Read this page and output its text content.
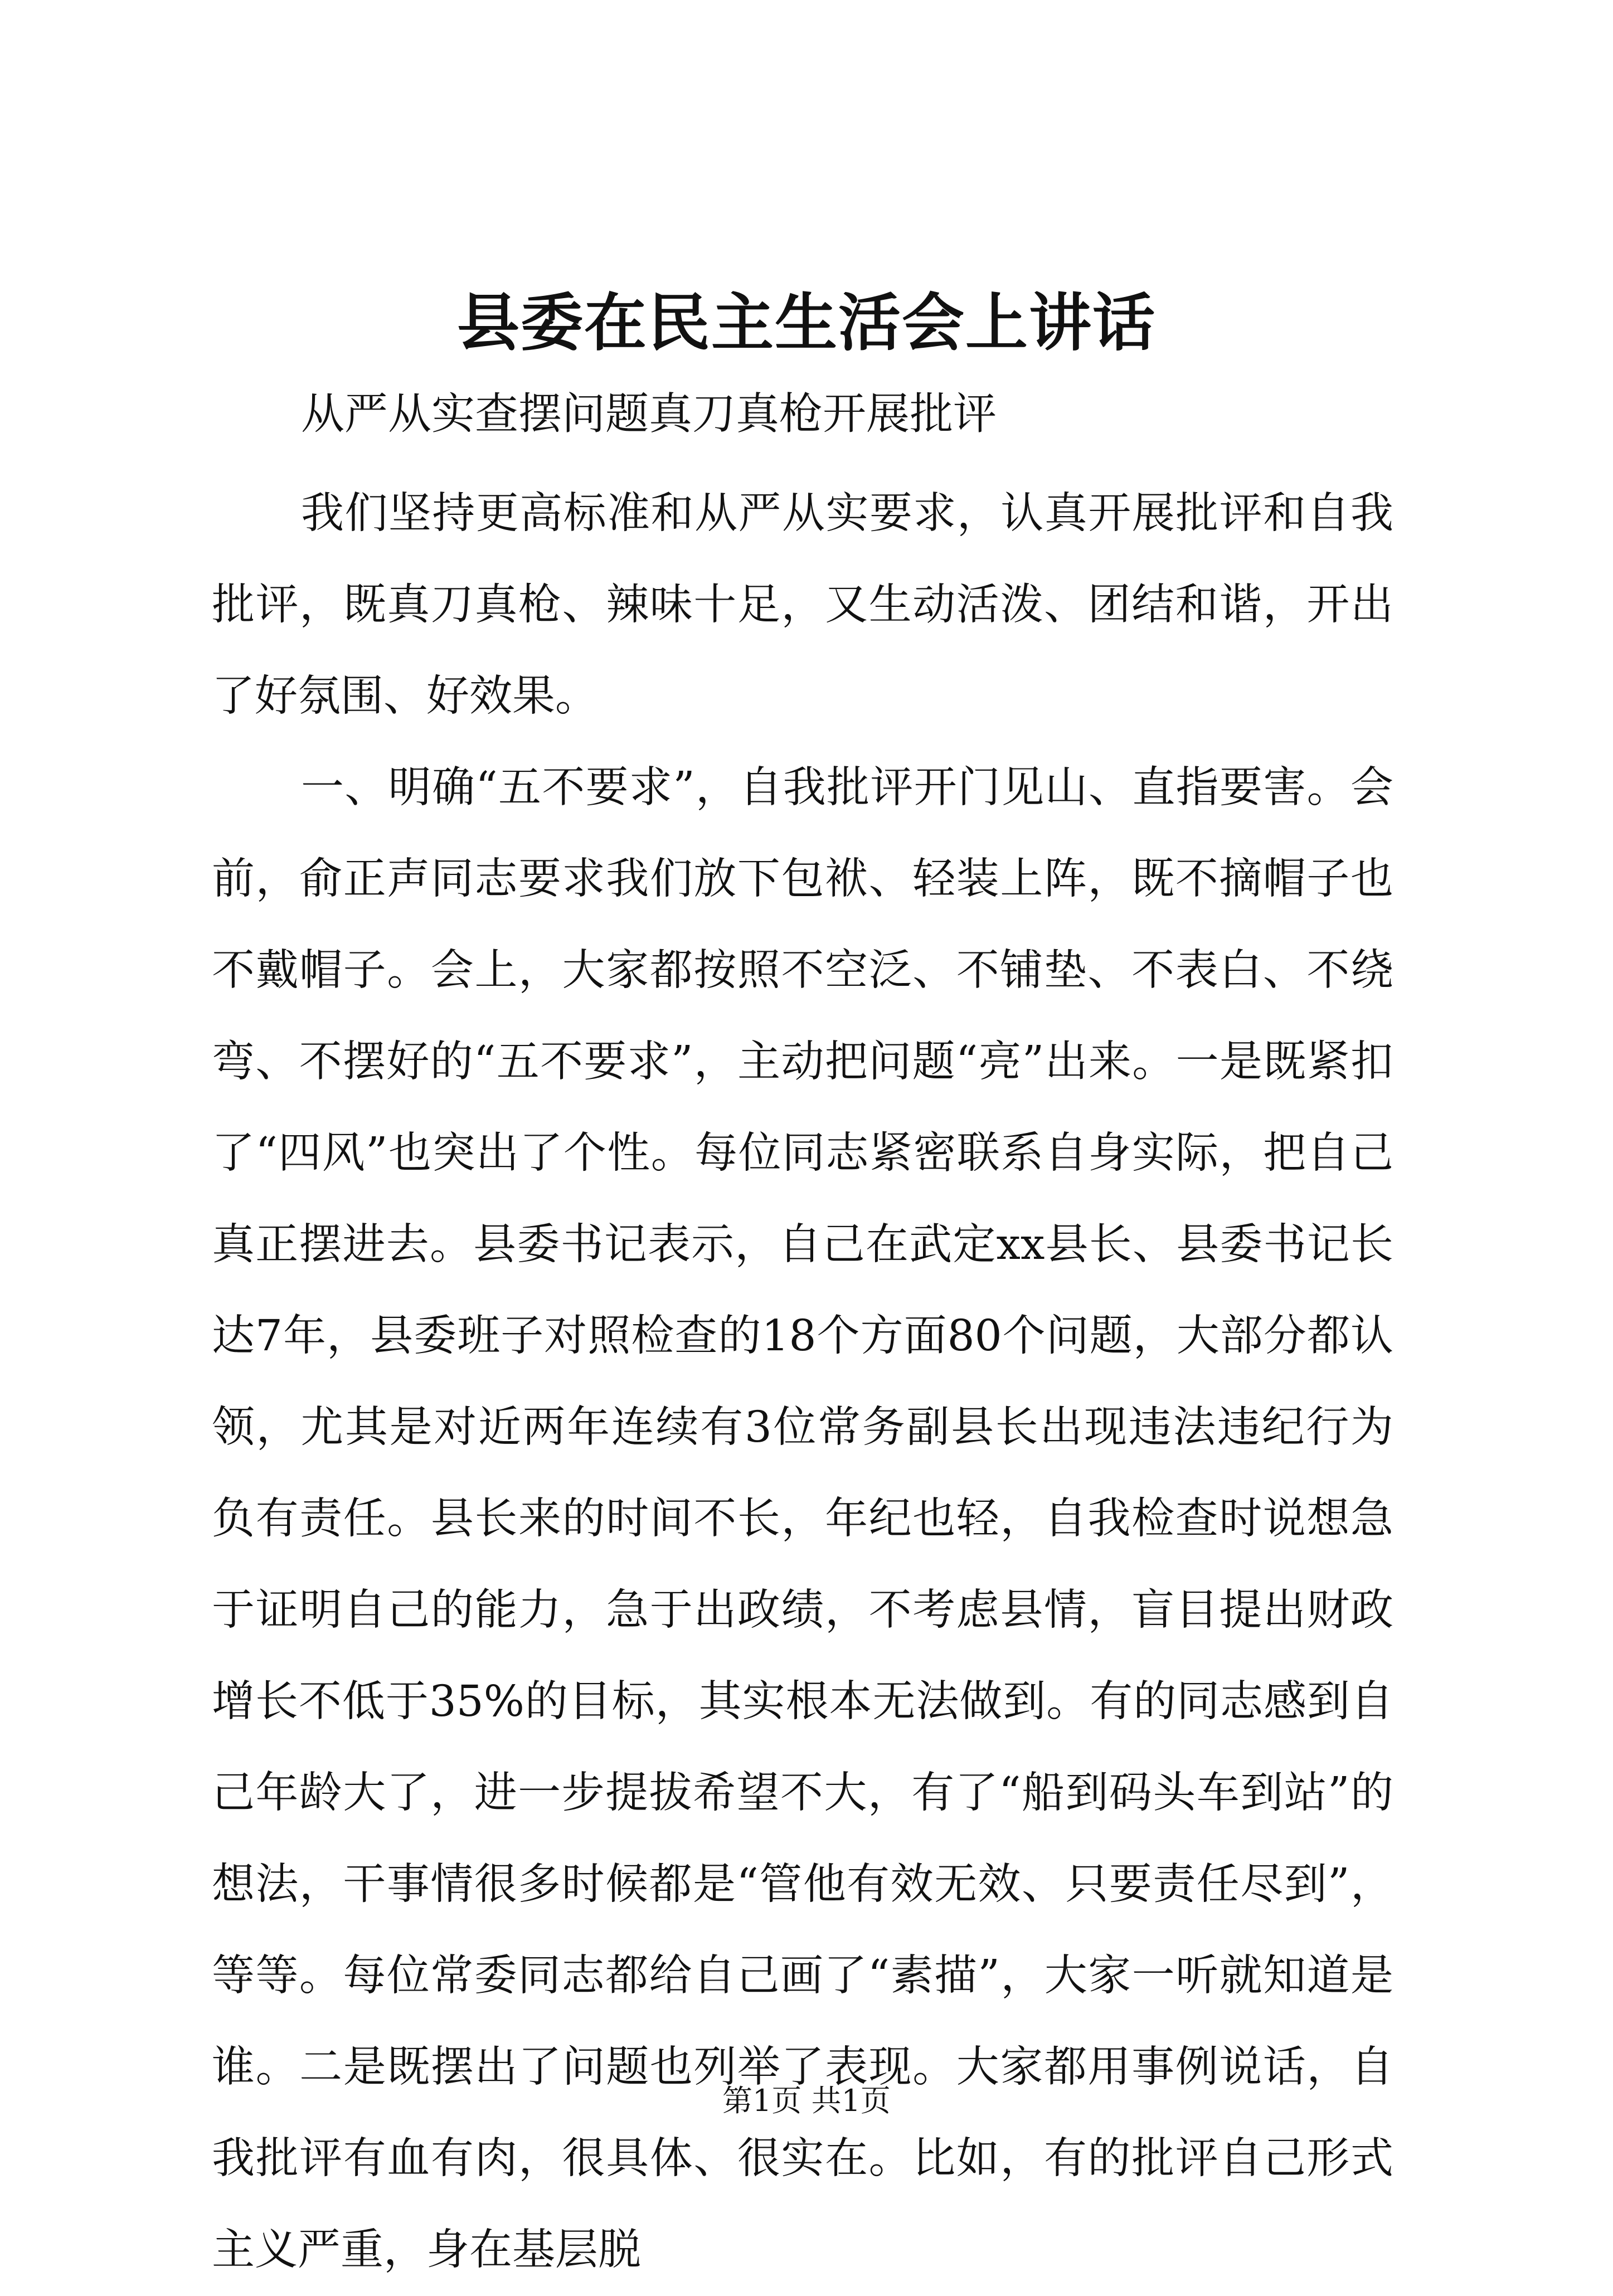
县委在民主生活会上讲话
从严从实查摆问题真刀真枪开展批评

我们坚持更高标准和从严从实要求，认真开展批评和自我批评，既真刀真枪、辣味十足，又生动活泼、团结和谐，开出了好氛围、好效果。

一、明确“五不要求”，自我批评开门见山、直指要害。会前，俞正声同志要求我们放下包袱、轻装上阵，既不摘帽子也不戴帽子。会上，大家都按照不空泛、不铺垫、不表白、不绕弯、不摆好的“五不要求”，主动把问题“亮”出来。一是既紧扣了“四风”也突出了个性。每位同志紧密联系自身实际，把自己真正摆进去。县委书记表示，自己在武定xx县长、县委书记长达7年，县委班子对照检查的18个方面80个问题，大部分都认领，尤其是对近两年连续有3位常务副县长出现违法违纪行为负有责任。县长来的时间不长，年纪也轻，自我检查时说想急于证明自己的能力，急于出政绩，不考虑县情，盲目提出财政增长不低于35%的目标，其实根本无法做到。有的同志感到自己年龄大了，进一步提拔希望不大，有了“船到码头车到站”的想法，干事情很多时候都是“管他有效无效、只要责任尽到”，等等。每位常委同志都给自己画了“素描”，大家一听就知道是谁。二是既摆出了问题也列举了表现。大家都用事例说话，自我批评有血有肉，很具体、很实在。比如，有的批评自己形式主义严重，身在基层脱

第1页 共1页
